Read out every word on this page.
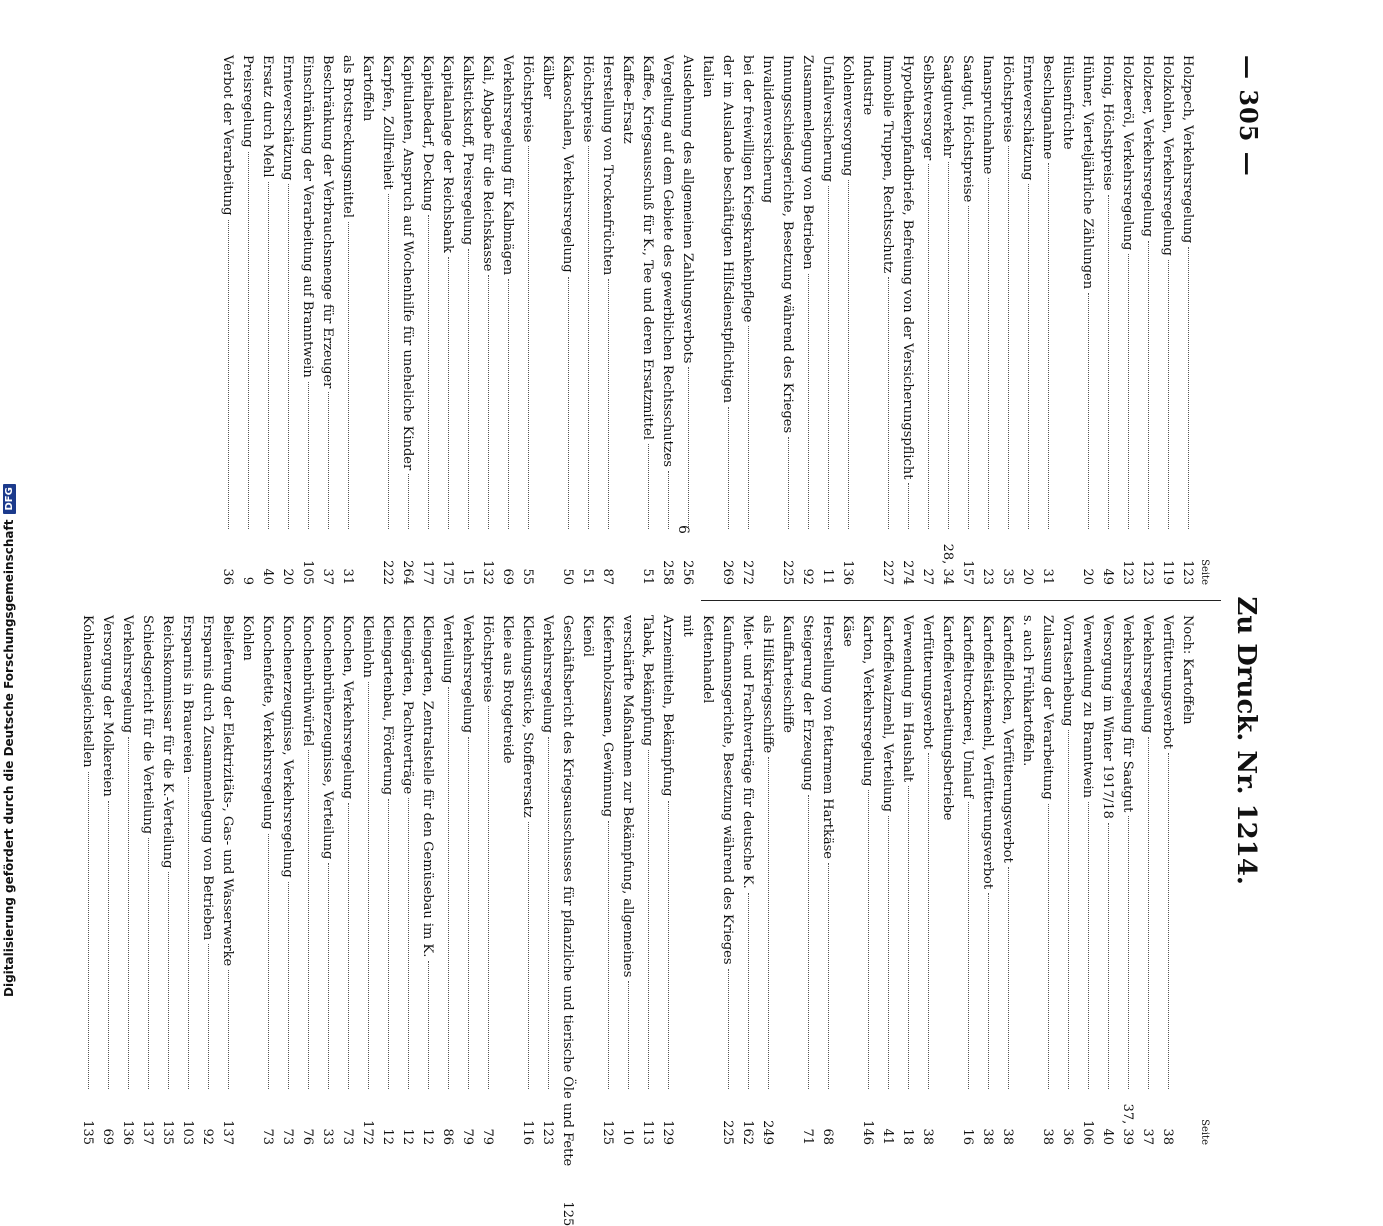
— 305 —
Zu Druck. Nr. 1214.
Seite
Holzpech, Verkehrsregelung
123
Holzkohlen, Verkehrsregelung
119
Holzteer, Verkehrsregelung
123
Holzteeröl, Verkehrsregelung
123
Honig, Höchstpreise
49
Hühner, Vierteljährliche Zählungen
20
Hülsenfrüchte
Beschlagnahme
31
Ernteverschätzung
20
Höchstpreise
35
Inanspruchnahme
23
Saatgut, Höchstpreise
157
Saatgutverkehr
28, 34
Selbstversorger
27
Hypothekenpfandbriefe, Befreiung von der Versicherungspflicht
274
Immobile Truppen, Rechtsschutz
227
Industrie
Kohlenversorgung
136
Unfallversicherung
11
Zusammenlegung von Betrieben
92
Innungsschiedsgerichte, Besetzung während des Krieges
225
Invalidenversicherung
bei der freiwilligen Kriegskrankenpflege
272
der im Auslande beschäftigten Hilfsdienstpflichtigen
269
Italien
Ausdehnung des allgemeinen Zahlungsverbots
256
Vergeltung auf dem Gebiete des gewerblichen Rechtsschutzes
258
Kaffee, Kriegsausschuß für K., Tee und deren Ersatzmittel
51
Kaffee-Ersatz
Herstellung von Trockenfrüchten
87
Höchstpreise
51
Kakaoschalen, Verkehrsregelung
50
Kälber
Höchstpreise
55
Verkehrsregelung für Kalbmägen
69
Kali, Abgabe für die Reichskasse
132
Kalkstickstoff, Preisregelung
15
Kapitalanlage der Reichsbank
175
Kapitalbedarf, Deckung
177
Kapitulanten, Anspruch auf Wochenhilfe für uneheliche Kinder
264
Karpfen, Zollfreiheit
222
Kartoffeln
als Brotstreckungsmittel
31
Beschränkung der Verbrauchsmenge für Erzeuger
37
Einschränkung der Verarbeitung auf Branntwein
105
Ernteverschätzung
20
Ersatz durch Mehl
40
Preisregelung
9
Verbot der Verarbeitung
36
Seite
Noch: Kartoffeln
Verfütterungsverbot
38
Verkehrsregelung
37
Verkehrsregelung für Saatgut
37, 39
Versorgung im Winter 1917/18
40
Verwendung zu Branntwein
106
Vorratserhebung
36
Zulassung der Verarbeitung
38
s. auch Frühkartoffeln.
Kartoffelflocken, Verfütterungsverbot
38
Kartoffelstärkemehl, Verfütterungsverbot
38
Kartoffeltrocknerei, Umlauf
16
Kartoffelverarbeitungsbetriebe
Verfütterungsverbot
38
Verwendung im Haushalt
18
Kartoffelwalzmehl, Verteilung
41
Karton, Verkehrsregelung
146
Käse
Herstellung von fettarmem Hartkäse
68
Steigerung der Erzeugung
71
Kauffahrteischiffe
als Hilfskriegsschiffe
249
Miet- und Frachtverträge für deutsche K.
162
Kaufmannsgerichte, Besetzung während des Krieges
225
Kettenhandel
mit
Arzneimitteln, Bekämpfung
129
Tabak, Bekämpfung
113
verschärfte Maßnahmen zur Bekämpfung, allgemeines
10
Kiefernholzsamen, Gewinnung
125
Kienöl
Geschäftsbericht des Kriegsausschusses für pflanzliche und tierische Öle und Fette
125
Verkehrsregelung
123
Kleidungsstücke, Stofferersatz
116
Kleie aus Brotgetreide
Höchstpreise
79
Verkehrsregelung
79
Verteilung
86
Kleingarten, Zentralstelle für den Gemüsebau im K.
12
Kleingärten, Pachtverträge
12
Kleingartenbau, Förderung
12
Kleinlohn
172
Knochen, Verkehrsregelung
73
Knochenbrüherzeugnisse, Verteilung
33
Knochenbrühwürfel
76
Knochenerzeugnisse, Verkehrsregelung
73
Knochenfette, Verkehrsregelung
73
Kohlen
Belieferung der Elektrizitäts-, Gas- und Wasserwerke
137
Ersparnis durch Zusammenlegung von Betrieben
92
Ersparnis in Brauereien
103
Reichskommissar für die K.-Verteilung
135
Schiedsgericht für die Verteilung
137
Verkehrsregelung
136
Versorgung der Molkereien
69
Kohlenausgleichstellen
135
6
Digitalisierung gefördert durch die Deutsche Forschungsgemeinschaft
DFG
